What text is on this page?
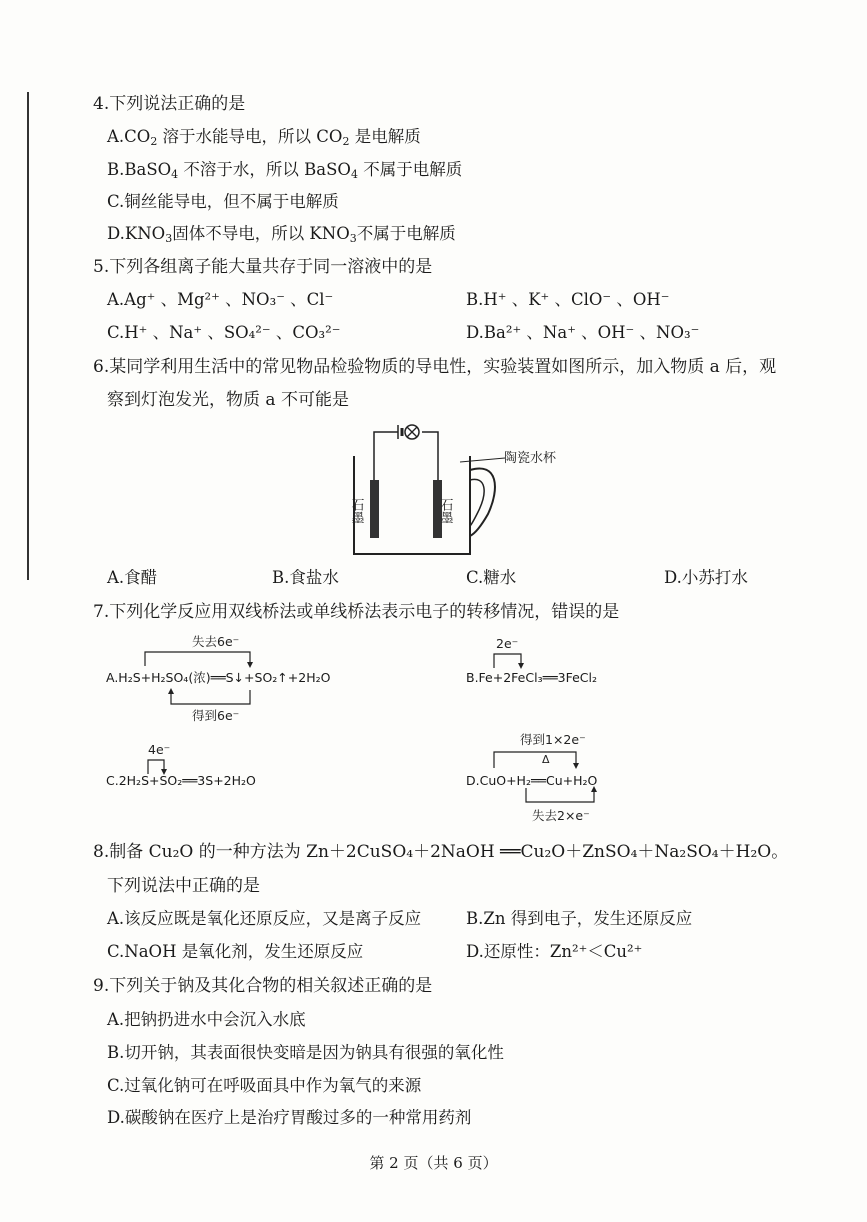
4.下列说法正确的是
$A.CO_2$ 溶于水能导电，所以 $CO_2$ 是电解质
B.BaSO$_4$ 不溶于水，所以 BaSO$_4$ 不属于电解质
C.铜丝能导电，但不属于电解质
$D.KNO_3$固体不导电，所以 $KNO_3$不属于电解质
5.下列各组离子能大量共存于同一溶液中的是
A.Ag⁺ 、Mg²⁺ 、NO₃⁻ 、Cl⁻	B.H⁺ 、K⁺ 、ClO⁻ 、OH⁻
C.H⁺ 、Na⁺ 、SO₄²⁻ 、CO₃²⁻	D.Ba²⁺ 、Na⁺ 、OH⁻ 、NO₃⁻
6.某同学利用生活中的常见物品检验物质的导电性，实验装置如图所示，加入物质 a 后，观
察到灯泡发光，物质 a 不可能是
陶瓷水杯
石墨	石墨
A.食醋	B.食盐水	C.糖水	D.小苏打水
7.下列化学反应用双线桥法或单线桥法表示电子的转移情况，错误的是
失去6e⁻
得到6e⁻
A.H₂S+H₂SO₄(浓)══S↓+SO₂↑+2H₂O
2e⁻
B.Fe+2FeCl₃══3FeCl₂
4e⁻
C.2H₂S+SO₂══3S+2H₂O
得到1×2e⁻
Δ
失去2×e⁻
D.CuO+H₂══Cu+H₂O
8.制备 Cu₂O 的一种方法为 Zn＋2CuSO₄＋2NaOH ══Cu₂O＋ZnSO₄＋Na₂SO₄＋H₂O。
下列说法中正确的是
A.该反应既是氧化还原反应，又是离子反应	B.Zn 得到电子，发生还原反应
C.NaOH 是氧化剂，发生还原反应	D.还原性：Zn²⁺＜Cu²⁺
9.下列关于钠及其化合物的相关叙述正确的是
A.把钠扔进水中会沉入水底
B.切开钠，其表面很快变暗是因为钠具有很强的氧化性
C.过氧化钠可在呼吸面具中作为氧气的来源
D.碳酸钠在医疗上是治疗胃酸过多的一种常用药剂
第 2 页（共 6 页）
